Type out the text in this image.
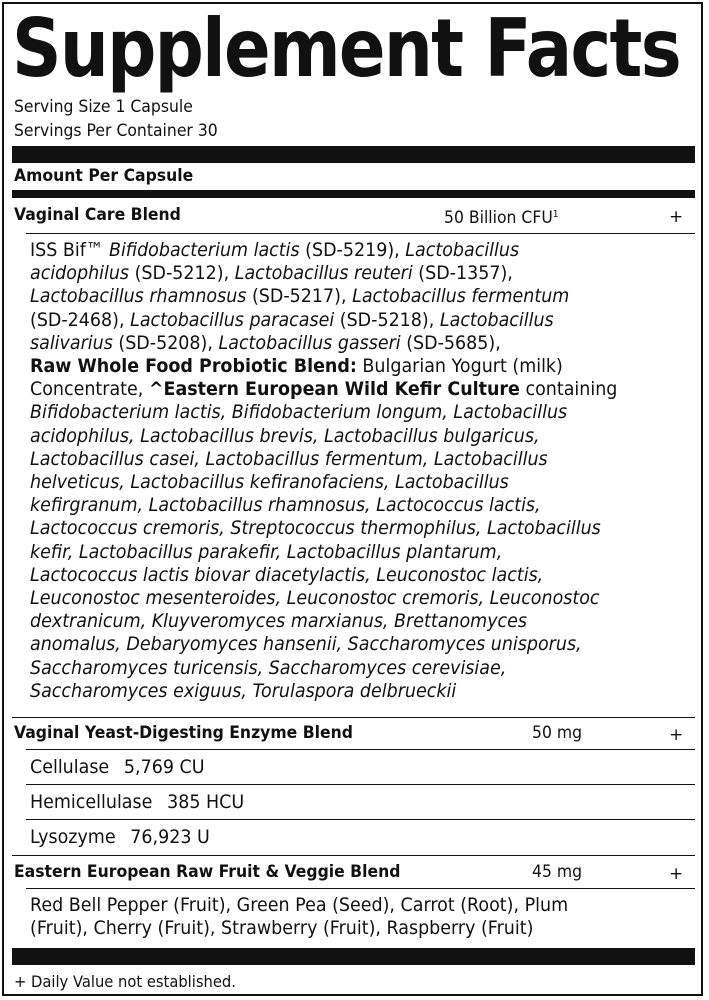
Supplement Facts
Serving Size 1 Capsule
Servings Per Container 30
Amount Per Capsule
Vaginal Care Blend	50 Billion $CFU^1$	+
ISS Bif™ Bifidobacterium lactis (SD-5219), Lactobacillus
acidophilus (SD-5212), Lactobacillus reuteri (SD-1357),
Lactobacillus rhamnosus (SD-5217), Lactobacillus fermentum
(SD-2468), Lactobacillus paracasei (SD-5218), Lactobacillus
salivarius (SD-5208), Lactobacillus gasseri (SD-5685),
Raw Whole Food Probiotic Blend: Bulgarian Yogurt (milk)
Concentrate, ^Eastern European Wild Kefir Culture containing
Bifidobacterium lactis, Bifidobacterium longum, Lactobacillus
acidophilus, Lactobacillus brevis, Lactobacillus bulgaricus,
Lactobacillus casei, Lactobacillus fermentum, Lactobacillus
helveticus, Lactobacillus kefiranofaciens, Lactobacillus
kefirgranum, Lactobacillus rhamnosus, Lactococcus lactis,
Lactococcus cremoris, Streptococcus thermophilus, Lactobacillus
kefir, Lactobacillus parakefir, Lactobacillus plantarum,
Lactococcus lactis biovar diacetylactis, Leuconostoc lactis,
Leuconostoc mesenteroides, Leuconostoc cremoris, Leuconostoc
dextranicum, Kluyveromyces marxianus, Brettanomyces
anomalus, Debaryomyces hansenii, Saccharomyces unisporus,
Saccharomyces turicensis, Saccharomyces cerevisiae,
Saccharomyces exiguus, Torulaspora delbrueckii
Vaginal Yeast-Digesting Enzyme Blend	50 mg	+
Cellulase 5,769 CU
Hemicellulase 385 HCU
Lysozyme 76,923 U
Eastern European Raw Fruit & Veggie Blend	45 mg	+
Red Bell Pepper (Fruit), Green Pea (Seed), Carrot (Root), Plum
(Fruit), Cherry (Fruit), Strawberry (Fruit), Raspberry (Fruit)
+ Daily Value not established.
